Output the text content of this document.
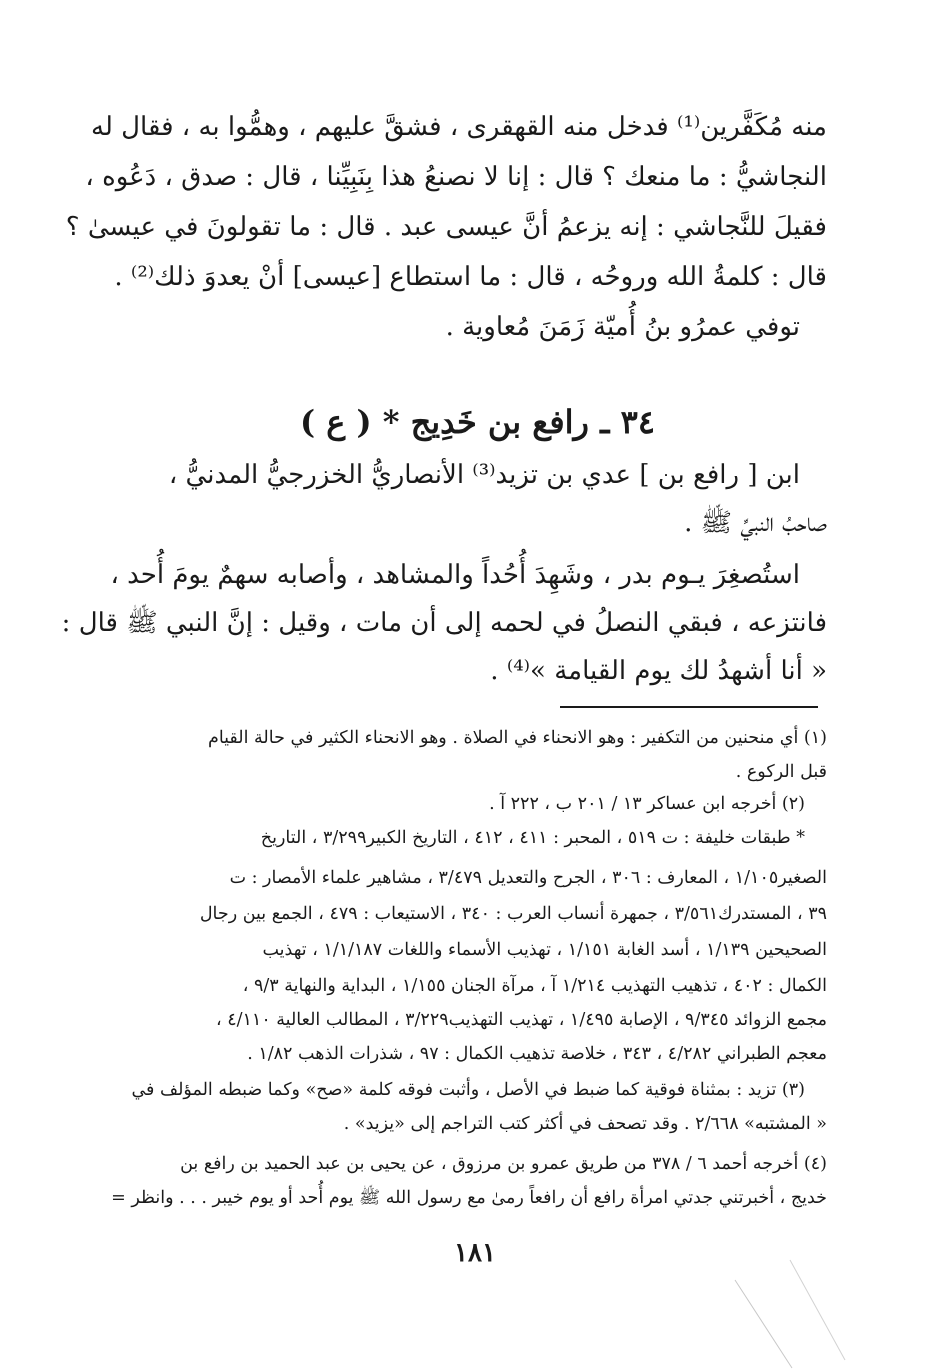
منه مُكَفَّرين⁽¹⁾ فدخل منه القهقرى ، فشقَّ عليهم ، وهمُّوا به ، فقال له
النجاشيُّ : ما منعك ؟ قال : إنا لا نصنعُ هذا بِنَبِيِّنا ، قال : صدق ، دَعُوه ،
فقيلَ للنَّجاشي : إنه يزعمُ أنَّ عيسى عبد . قال : ما تقولونَ في عيسىٰ ؟
قال : كلمةُ الله وروحُه ، قال : ما استطاع [عيسى] أنْ يعدوَ ذلك⁽²⁾ .
توفي عمرُو بنُ أُميّة زَمَنَ مُعاوية .
٣٤ ـ رافع بن خَدِيج * ( ع )
ابن [ رافع بن ] عدي بن تزيد⁽³⁾ الأنصاريُّ الخزرجيُّ المدنيُّ ،
صاحبُ النبيِّ ﷺ .
استُصغِرَ يـوم بدر ، وشَهِدَ أُحُداً والمشاهد ، وأصابه سهمٌ يومَ أُحد ،
فانتزعه ، فبقي النصلُ في لحمه إلى أن مات ، وقيل : إنَّ النبي ﷺ قال :
« أنا أشهدُ لك يوم القيامة »⁽⁴⁾ .
(١) أي منحنين من التكفير : وهو الانحناء في الصلاة . وهو الانحناء الكثير في حالة القيام
قبل الركوع .
(٢) أخرجه ابن عساكر ١٣ / ٢٠١ ب ، ٢٢٢ آ .
* طبقات خليفة : ت ٥١٩ ، المحبر : ٤١١ ، ٤١٢ ، التاريخ الكبير٣/٢٩٩ ، التاريخ
الصغير١/١٠٥ ، المعارف : ٣٠٦ ، الجرح والتعديل ٣/٤٧٩ ، مشاهير علماء الأمصار : ت
٣٩ ، المستدرك٣/٥٦١ ، جمهرة أنساب العرب : ٣٤٠ ، الاستيعاب : ٤٧٩ ، الجمع بين رجال
الصحيحين ١/١٣٩ ، أسد الغابة ١/١٥١ ، تهذيب الأسماء واللغات ١/١/١٨٧ ، تهذيب
الكمال : ٤٠٢ ، تذهيب التهذيب ١/٢١٤ آ ، مرآة الجنان ١/١٥٥ ، البداية والنهاية ٩/٣ ،
مجمع الزوائد ٩/٣٤٥ ، الإصابة ١/٤٩٥ ، تهذيب التهذيب٣/٢٢٩ ، المطالب العالية ٤/١١٠ ،
معجم الطبراني ٤/٢٨٢ ، ٣٤٣ ، خلاصة تذهيب الكمال : ٩٧ ، شذرات الذهب ١/٨٢ .
(٣) تزيد : بمثناة فوقية كما ضبط في الأصل ، وأثبت فوقه كلمة «صح» وكما ضبطه المؤلف في
« المشتبه» ٢/٦٦٨ . وقد تصحف في أكثر كتب التراجم إلى «يزيد» .
(٤) أخرجه أحمد ٦ / ٣٧٨ من طريق عمرو بن مرزوق ، عن يحيى بن عبد الحميد بن رافع بن
خديج ، أخبرتني جدتي امرأة رافع أن رافعاً رمىٰ مع رسول الله ﷺ يوم أُحد أو يوم خيبر . . . وانظر =
١٨١
